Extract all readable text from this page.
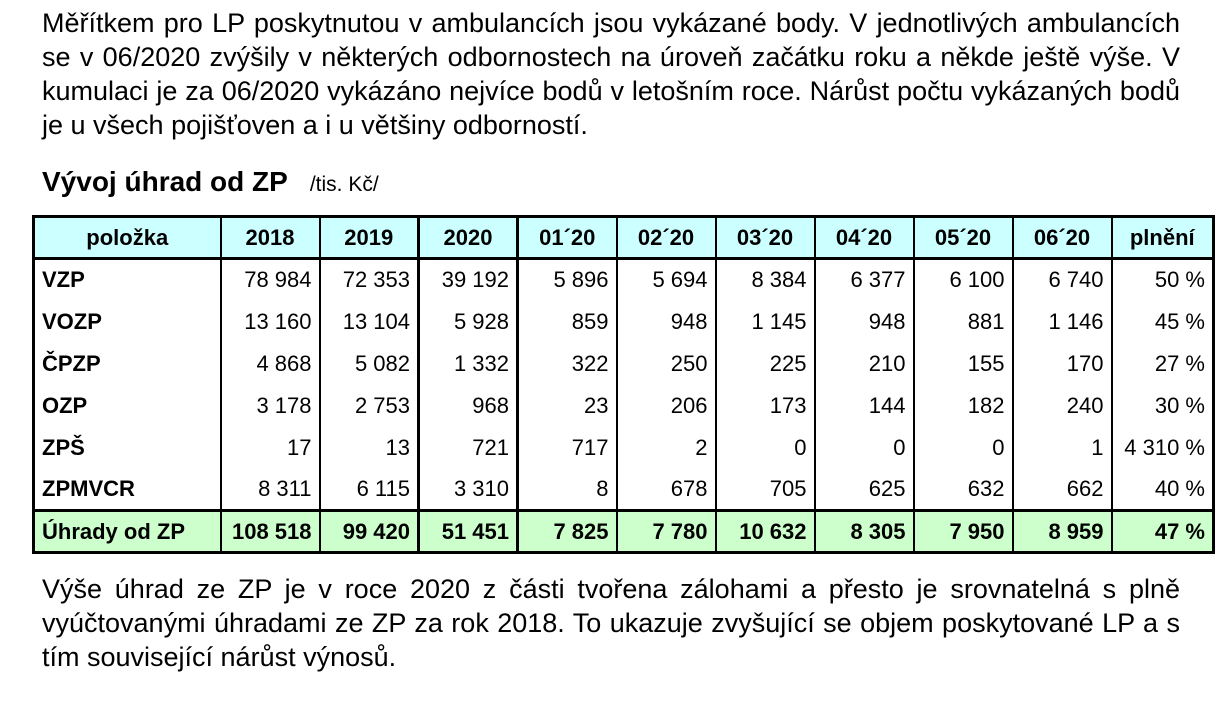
Měřítkem pro LP poskytnutou v ambulancích jsou vykázané body. V jednotlivých ambulancích se v 06/2020 zvýšily v některých odbornostech na úroveň začátku roku a někde ještě výše. V kumulaci je za 06/2020 vykázáno nejvíce bodů v letošním roce. Nárůst počtu vykázaných bodů je u všech pojišťoven a i u většiny odborností.

Vývoj úhrad od ZP /tis. Kč/
položka	2018	2019	2020	01´20	02´20	03´20	04´20	05´20	06´20	plnění
VZP	78 984	72 353	39 192	5 896	5 694	8 384	6 377	6 100	6 740	50 %
VOZP	13 160	13 104	5 928	859	948	1 145	948	881	1 146	45 %
ČPZP	4 868	5 082	1 332	322	250	225	210	155	170	27 %
OZP	3 178	2 753	968	23	206	173	144	182	240	30 %
ZPŠ	17	13	721	717	2	0	0	0	1	4 310 %
ZPMVCR	8 311	6 115	3 310	8	678	705	625	632	662	40 %
Úhrady od ZP	108 518	99 420	51 451	7 825	7 780	10 632	8 305	7 950	8 959	47 %

Výše úhrad ze ZP je v roce 2020 z části tvořena zálohami a přesto je srovnatelná s plně vyúčtovanými úhradami ze ZP za rok 2018. To ukazuje zvyšující se objem poskytované LP a s tím související nárůst výnosů.
